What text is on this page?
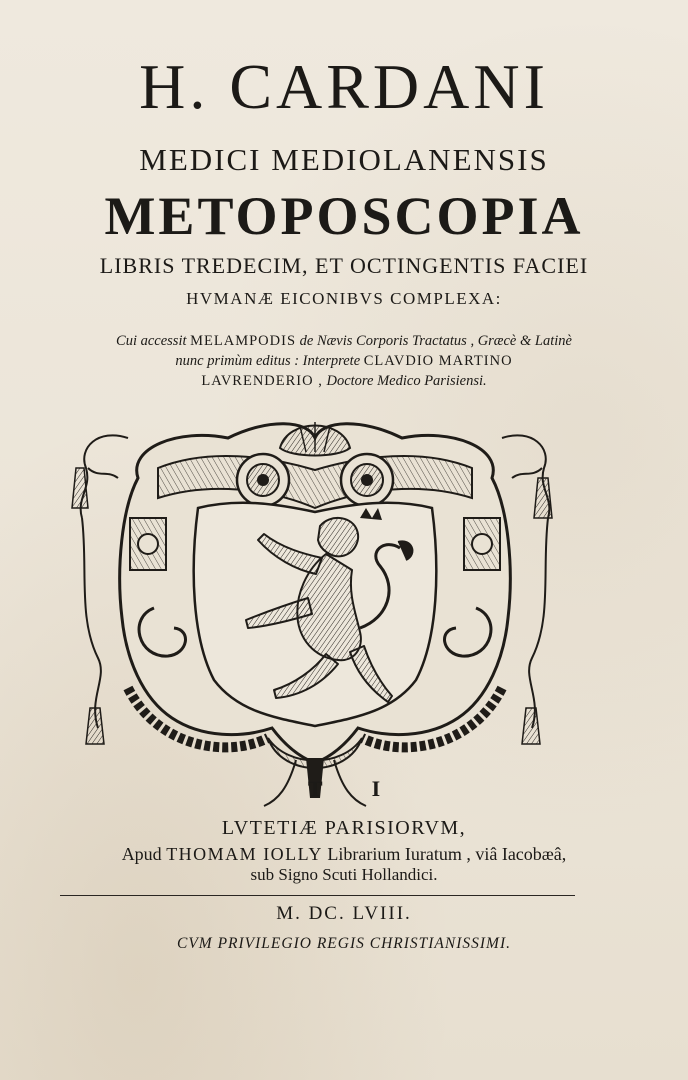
H. CARDANI
MEDICI MEDIOLANENSIS
METOPOSCOPIA
LIBRIS TREDECIM, ET OCTINGENTIS FACIEI
HVMANÆ EICONIBVS COMPLEXA:
Cui accessit MELAMPODIS de Nævis Corporis Tractatus , Græcè & Latinè
nunc primùm editus : Interprete CLAVDIO MARTINO
LAVRENDERIO , Doctore Medico Parisiensi.
T I
LVTETIÆ PARISIORVM,
Apud THOMAM IOLLY Librarium Iuratum , viâ Iacobæâ,
sub Signo Scuti Hollandici.
M. DC. LVIII.
CVM PRIVILEGIO REGIS CHRISTIANISSIMI.
